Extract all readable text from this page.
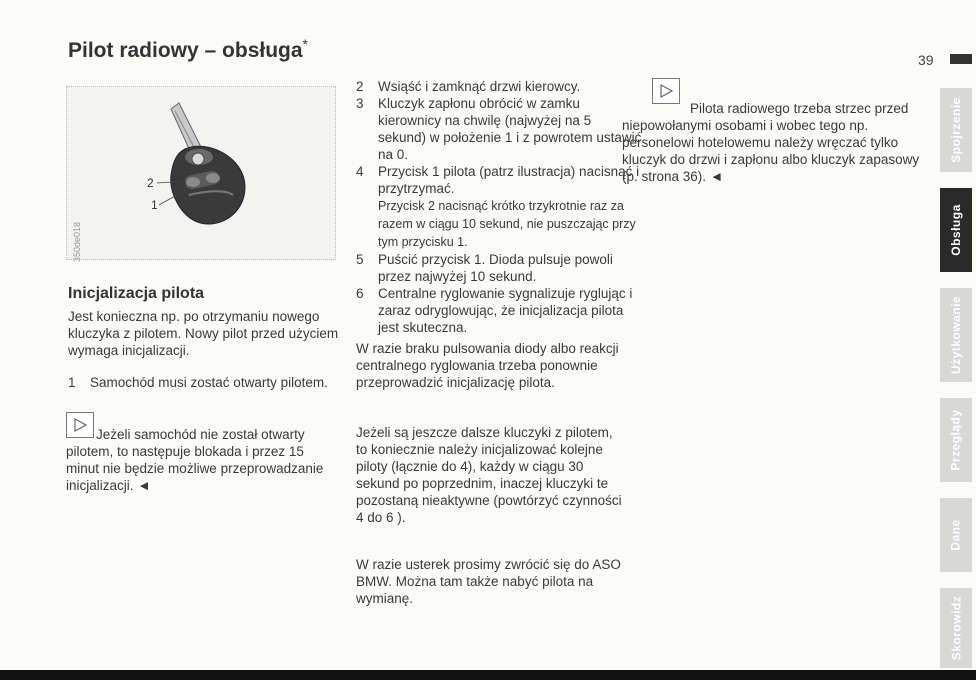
Pilot radiowy – obsługa*
39
2
1
350de018
Inicjalizacja pilota
Jest konieczna np. po otrzymaniu nowego kluczyka z pilotem. Nowy pilot przed użyciem wymaga inicjalizacji.
1	Samochód musi zostać otwarty pilotem.
Jeżeli samochód nie został otwarty pilotem, to następuje blokada i przez 15 minut nie będzie możliwe przeprowadzanie inicjalizacji. ◄
2	Wsiąść i zamknąć drzwi kierowcy.
3	Kluczyk zapłonu obrócić w zamku kierownicy na chwilę (najwyżej na 5 sekund) w położenie 1 i z powrotem ustawić na 0.
4	Przycisk 1 pilota (patrz ilustracja) nacisnąć i przytrzymać.
Przycisk 2 nacisnąć krótko trzykrotnie raz za razem w ciągu 10 sekund, nie puszczając przy tym przycisku 1.
5	Puścić przycisk 1. Dioda pulsuje powoli przez najwyżej 10 sekund.
6	Centralne ryglowanie sygnalizuje ryglując i zaraz odryglowując, że inicjalizacja pilota jest skuteczna.
W razie braku pulsowania diody albo reakcji centralnego ryglowania trzeba ponownie przeprowadzić inicjalizację pilota.
Jeżeli są jeszcze dalsze kluczyki z pilotem, to koniecznie należy inicjalizować kolejne piloty (łącznie do 4), każdy w ciągu 30 sekund po poprzednim, inaczej kluczyki te pozostaną nieaktywne (powtórzyć czynności 4 do 6 ).
W razie usterek prosimy zwrócić się do ASO BMW. Można tam także nabyć pilota na wymianę.
Pilota radiowego trzeba strzec przed niepowołanymi osobami i wobec tego np. personelowi hotelowemu należy wręczać tylko kluczyk do drzwi i zapłonu albo kluczyk zapasowy (p. strona 36). ◄
Spojrzenie
Obsługa
Użytkowanie
Przeglądy
Dane
Skorowidz
